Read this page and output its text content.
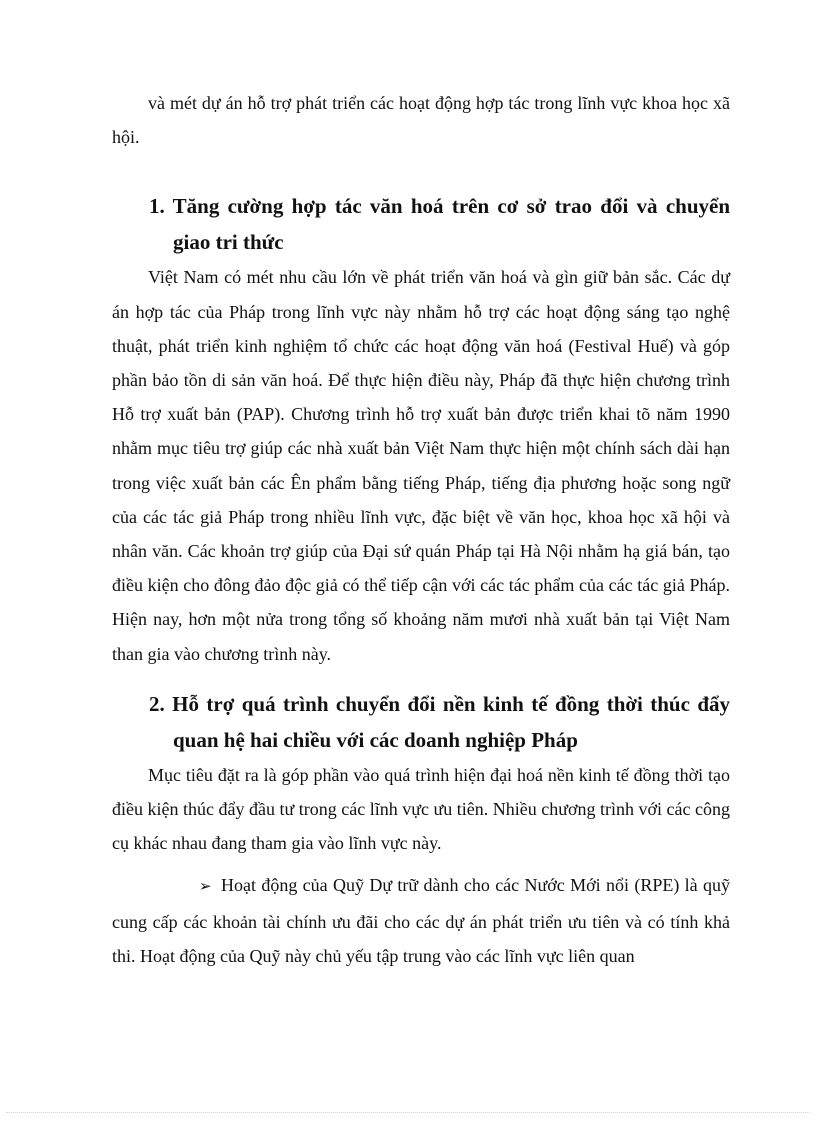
và mét dự án hỗ trợ phát triển các hoạt động hợp tác trong lĩnh vực khoa học xã hội.

1. Tăng cường hợp tác văn hoá trên cơ sở trao đổi và chuyển giao tri thức

Việt Nam có mét nhu cầu lớn về phát triển văn hoá và gìn giữ bản sắc. Các dự án hợp tác của Pháp trong lĩnh vực này nhằm hỗ trợ các hoạt động sáng tạo nghệ thuật, phát triển kinh nghiệm tổ chức các hoạt động văn hoá (Festival Huế) và góp phần bảo tồn di sản văn hoá. Để thực hiện điều này, Pháp đã thực hiện chương trình Hỗ trợ xuất bản (PAP). Chương trình hỗ trợ xuất bản được triển khai tõ năm 1990 nhằm mục tiêu trợ giúp các nhà xuất bản Việt Nam thực hiện một chính sách dài hạn trong việc xuất bản các Ên phẩm bằng tiếng Pháp, tiếng địa phương hoặc song ngữ của các tác giả Pháp trong nhiều lĩnh vực, đặc biệt về văn học, khoa học xã hội và nhân văn. Các khoản trợ giúp của Đại sứ quán Pháp tại Hà Nội nhằm hạ giá bán, tạo điều kiện cho đông đảo độc giả có thể tiếp cận với các tác phẩm của các tác giả Pháp. Hiện nay, hơn một nửa trong tổng số khoảng năm mươi nhà xuất bản tại Việt Nam than gia vào chương trình này.

2. Hỗ trợ quá trình chuyển đổi nền kinh tế đồng thời thúc đẩy quan hệ hai chiều với các doanh nghiệp Pháp

Mục tiêu đặt ra là góp phần vào quá trình hiện đại hoá nền kinh tế đồng thời tạo điều kiện thúc đẩy đầu tư trong các lĩnh vực ưu tiên. Nhiều chương trình với các công cụ khác nhau đang tham gia vào lĩnh vực này.

➢ Hoạt động của Quỹ Dự trữ dành cho các Nước Mới nổi (RPE) là quỹ cung cấp các khoản tài chính ưu đãi cho các dự án phát triển ưu tiên và có tính khả thi. Hoạt động của Quỹ này chủ yếu tập trung vào các lĩnh vực liên quan
